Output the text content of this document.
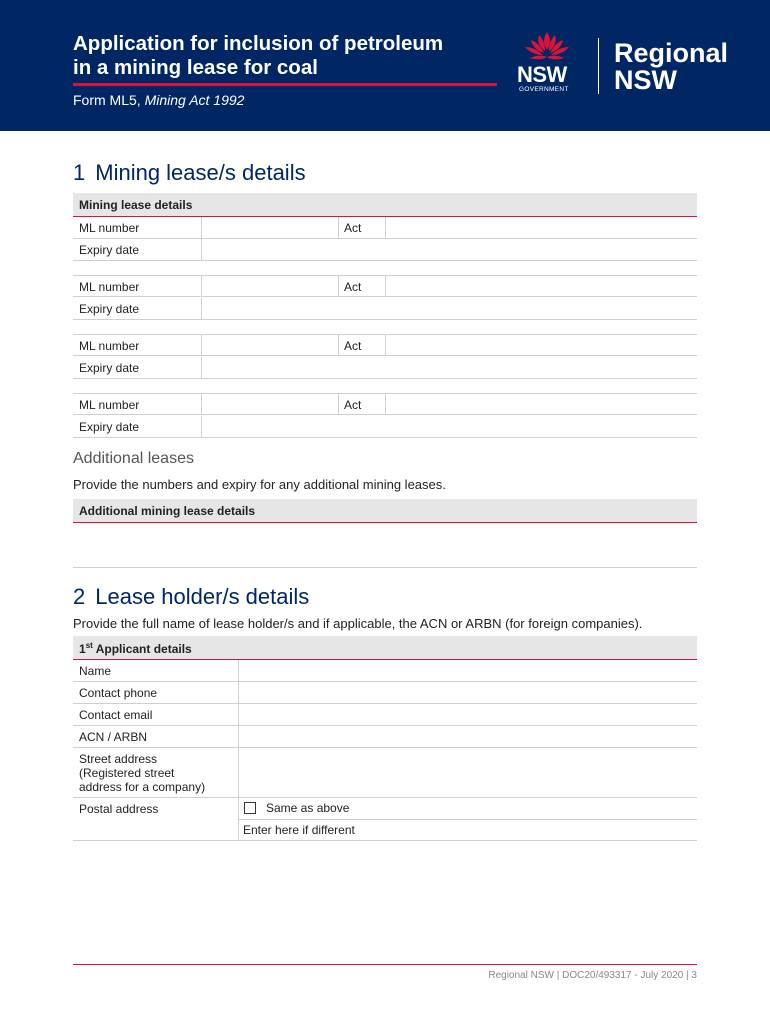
Application for inclusion of petroleum
in a mining lease for coal
Form ML5, Mining Act 1992
NSW
GOVERNMENT
Regional
NSW
1 Mining lease/s details
Mining lease details
ML number	Act
Expiry date
ML number	Act
Expiry date
ML number	Act
Expiry date
ML number	Act
Expiry date
Additional leases
Provide the numbers and expiry for any additional mining leases.
Additional mining lease details
2 Lease holder/s details
Provide the full name of lease holder/s and if applicable, the ACN or ARBN (for foreign companies).
1st Applicant details
Name
Contact phone
Contact email
ACN / ARBN
Street address
(Registered street
address for a company)
Postal address	Same as above
Enter here if different
Regional NSW | DOC20/493317 - July 2020 | 3
